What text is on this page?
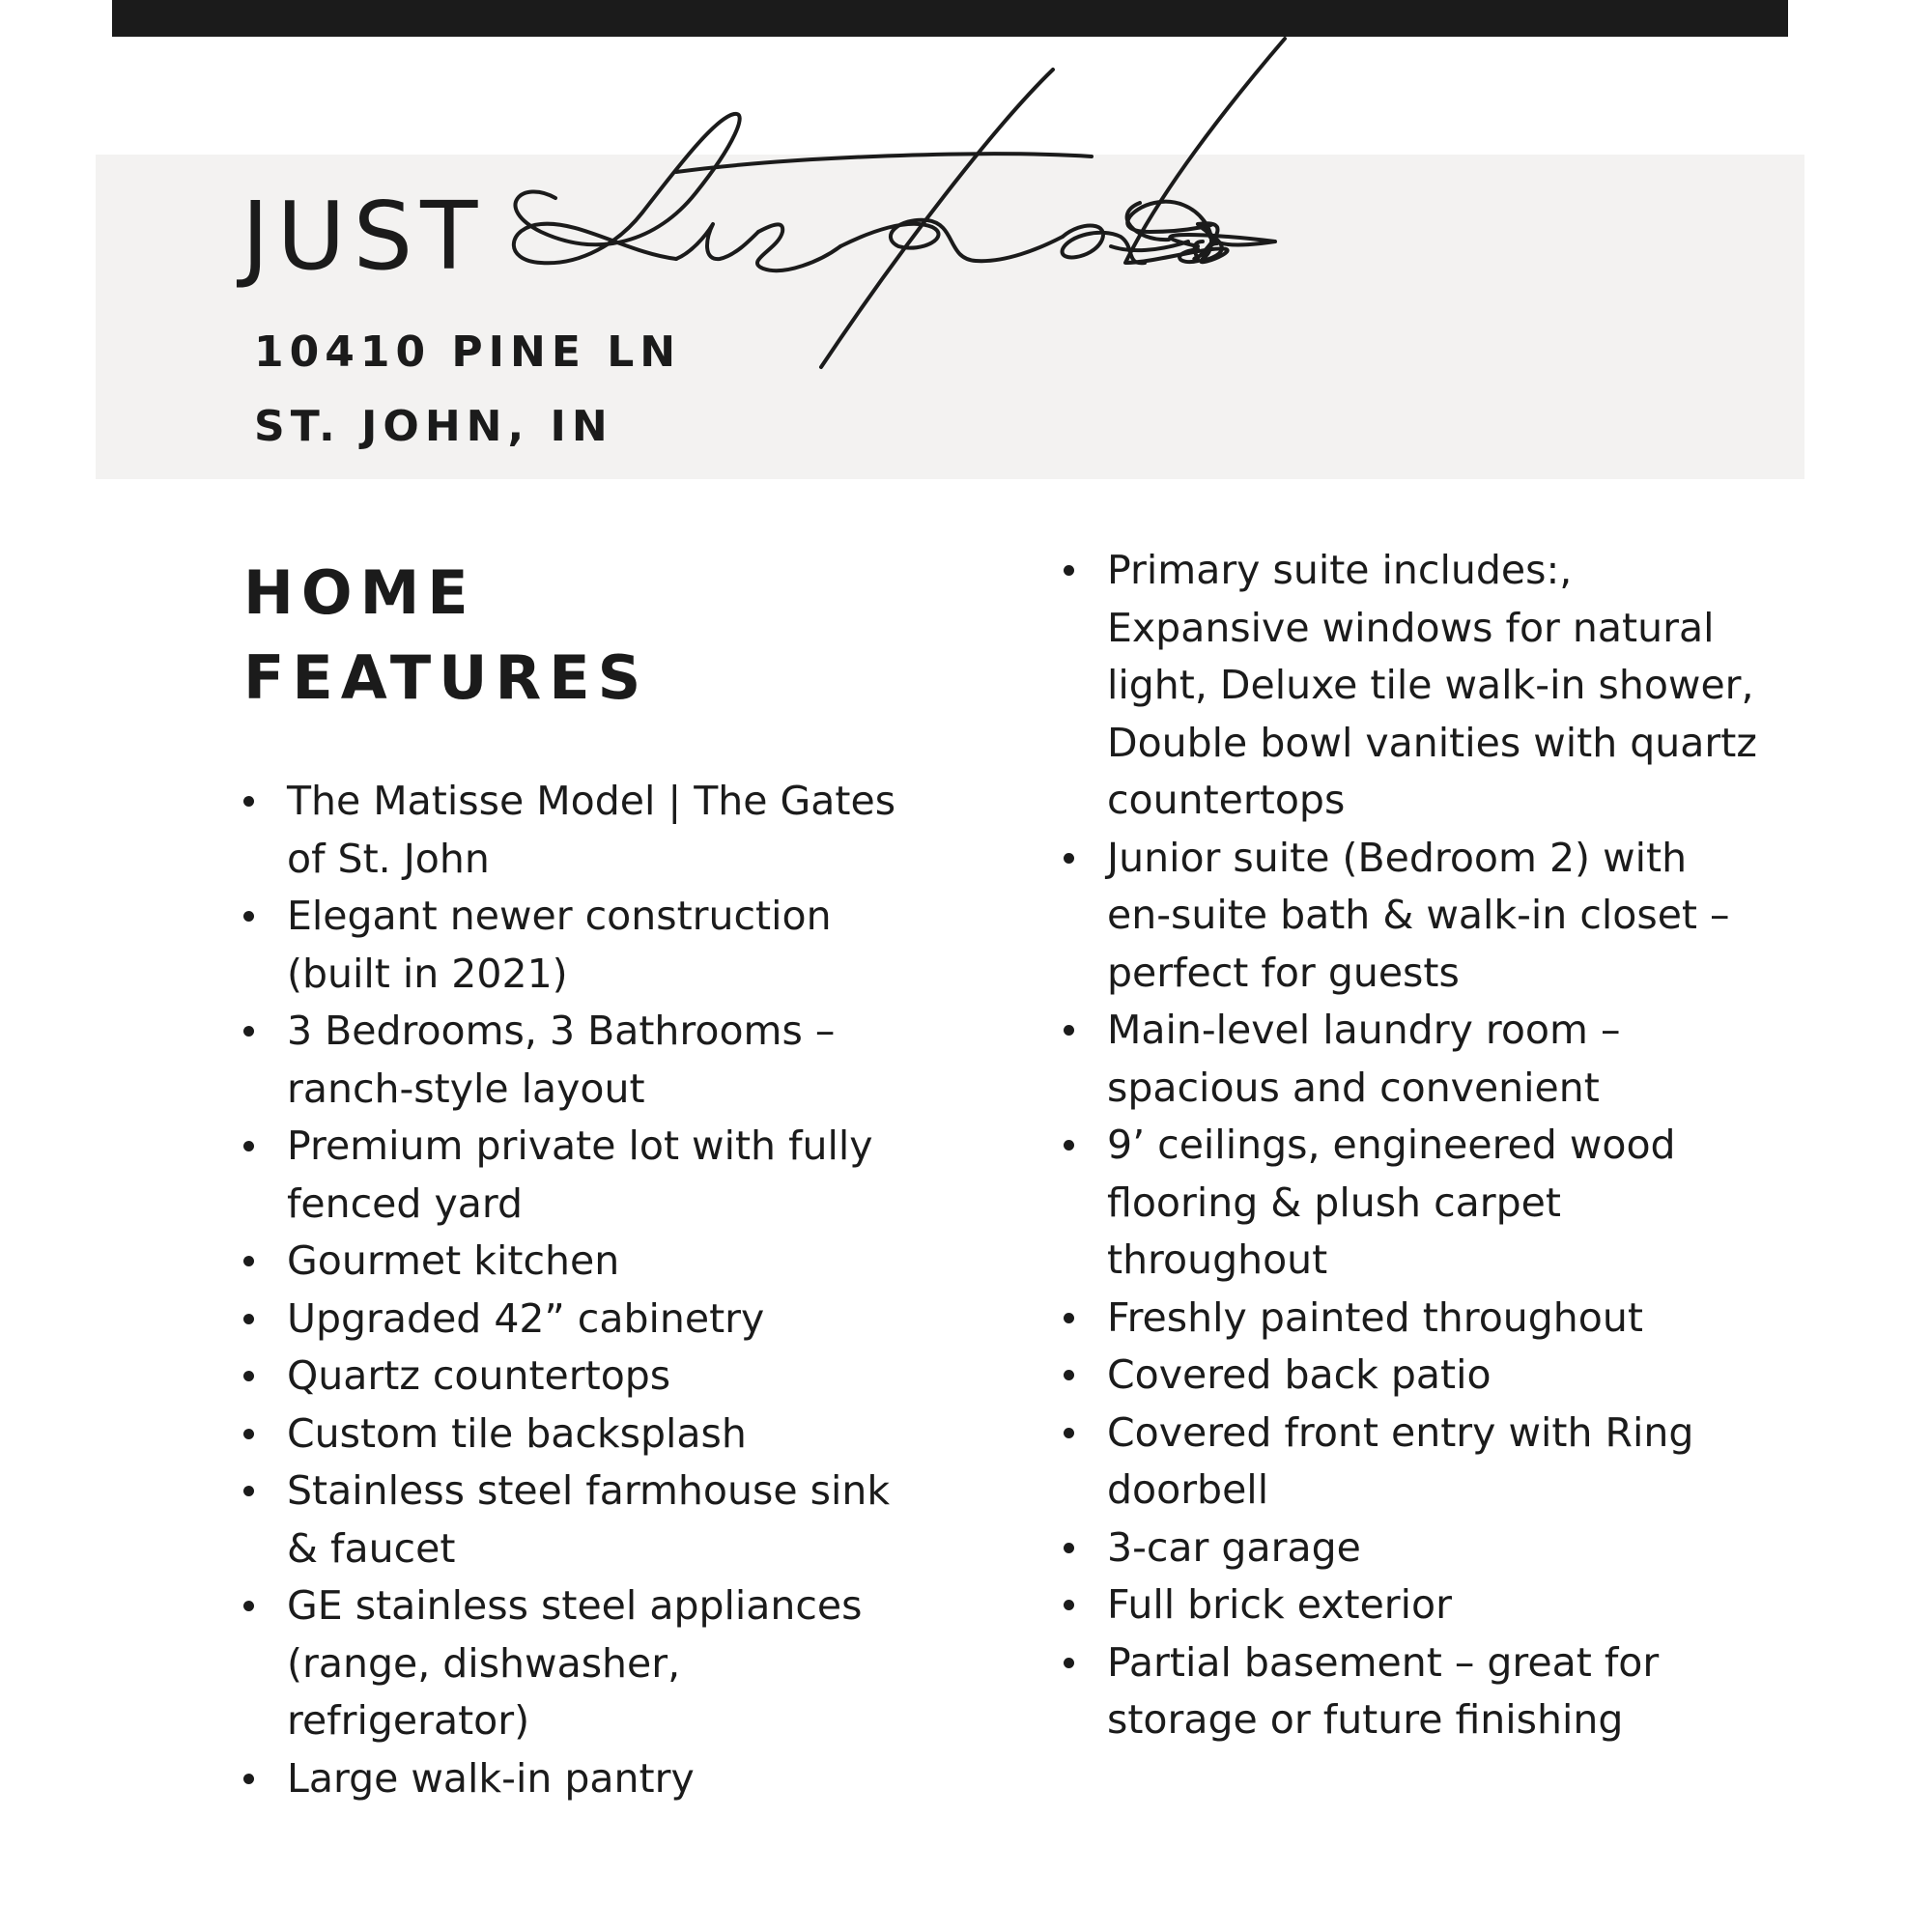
JUST
10410 PINE LN
ST. JOHN, IN
HOME
FEATURES
The Matisse Model | The Gates of St. John
Elegant newer construction (built in 2021)
3 Bedrooms, 3 Bathrooms – ranch-style layout
Premium private lot with fully fenced yard
Gourmet kitchen
Upgraded 42” cabinetry
Quartz countertops
Custom tile backsplash
Stainless steel farmhouse sink & faucet
GE stainless steel appliances (range, dishwasher, refrigerator)
Large walk-in pantry
Primary suite includes:, Expansive windows for natural light, Deluxe tile walk-in shower, Double bowl vanities with quartz countertops
Junior suite (Bedroom 2) with en-suite bath & walk-in closet – perfect for guests
Main-level laundry room – spacious and convenient
9’ ceilings, engineered wood flooring & plush carpet throughout
Freshly painted throughout
Covered back patio
Covered front entry with Ring doorbell
3-car garage
Full brick exterior
Partial basement – great for storage or future finishing
